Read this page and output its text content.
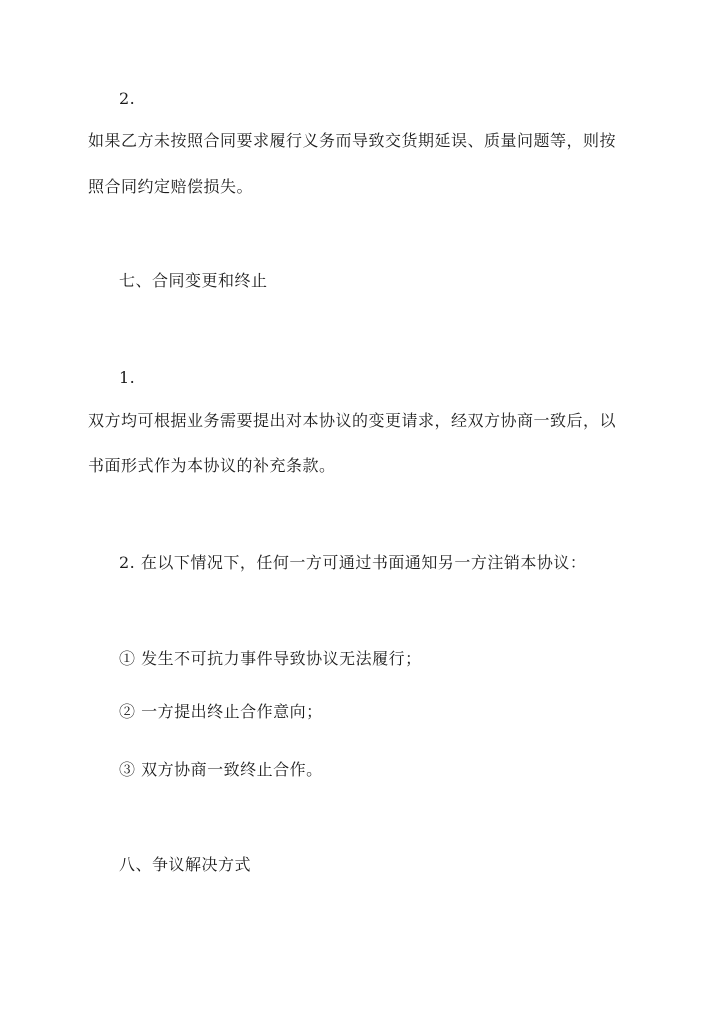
2.
如果乙方未按照合同要求履行义务而导致交货期延误、质量问题等，则按
照合同约定赔偿损失。
七、合同变更和终止
1.
双方均可根据业务需要提出对本协议的变更请求，经双方协商一致后，以
书面形式作为本协议的补充条款。
2. 在以下情况下，任何一方可通过书面通知另一方注销本协议：
① 发生不可抗力事件导致协议无法履行；
② 一方提出终止合作意向；
③ 双方协商一致终止合作。
八、争议解决方式
